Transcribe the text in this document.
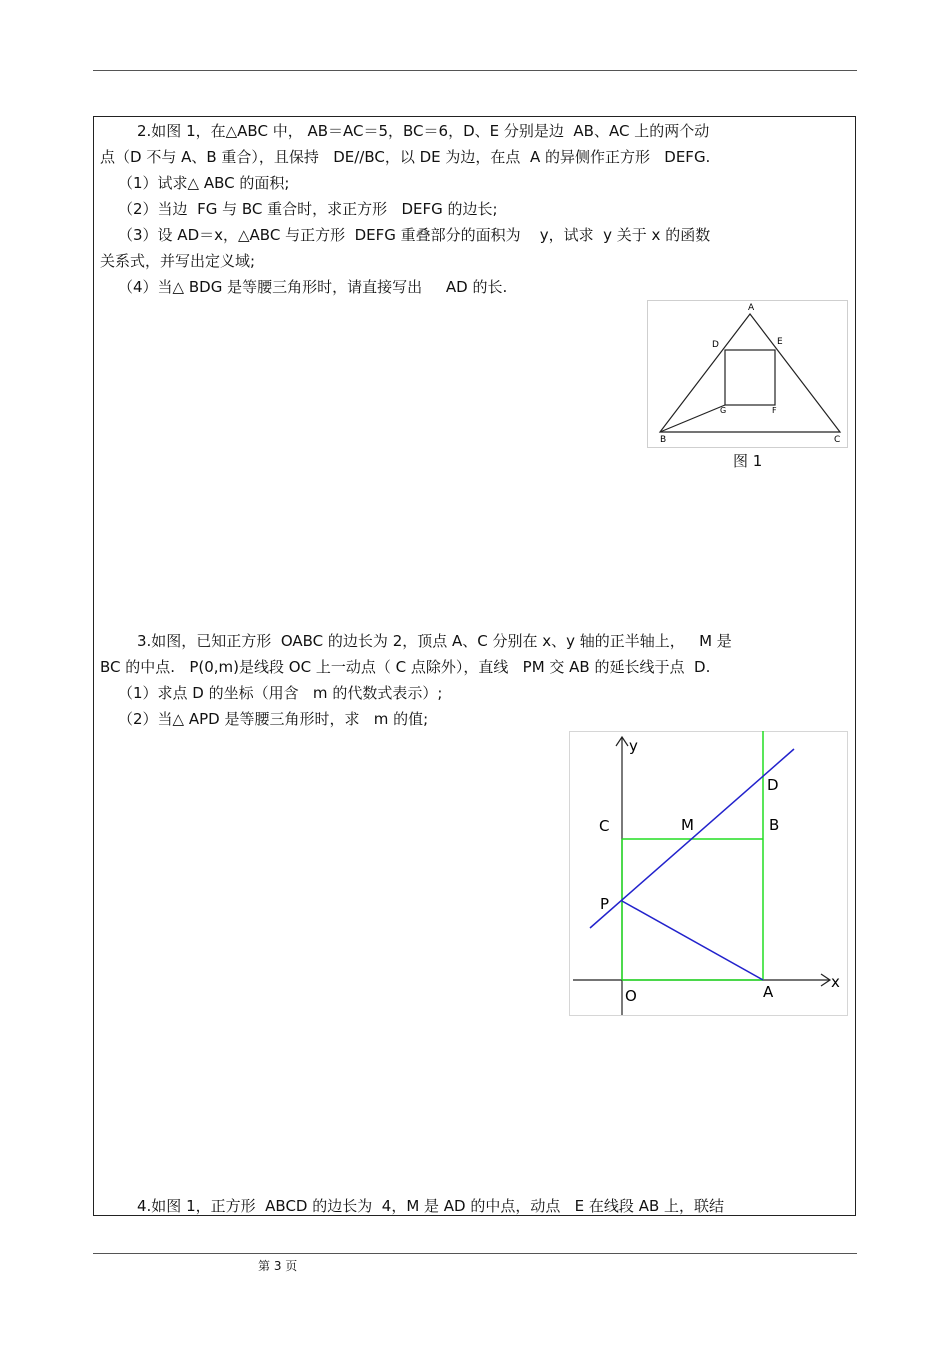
2.如图 1，在△ABC 中， AB＝AC＝5，BC＝6，D、E 分别是边  AB、AC 上的两个动
点（D 不与 A、B 重合），且保持   DE//BC，以 DE 为边，在点  A 的异侧作正方形   DEFG.
（1）试求△ ABC 的面积;
（2）当边  FG 与 BC 重合时，求正方形   DEFG 的边长;
（3）设 AD＝x，△ABC 与正方形  DEFG 重叠部分的面积为    y，试求  y 关于 x 的函数
关系式，并写出定义域;
（4）当△ BDG 是等腰三角形时，请直接写出     AD 的长.
A
D	E
G	F
B	C
图 1
3.如图，已知正方形  OABC 的边长为 2，顶点 A、C 分别在 x、y 轴的正半轴上，   M 是
BC 的中点.   P(0,m)是线段 OC 上一动点（ C 点除外），直线   PM 交 AB 的延长线于点  D.
（1）求点 D 的坐标（用含   m 的代数式表示）;
（2）当△ APD 是等腰三角形时，求   m 的值;
y
x
C	M	B
D
P
O	A
4.如图 1，正方形  ABCD 的边长为  4，M 是 AD 的中点，动点   E 在线段 AB 上，联结
第 3 页
